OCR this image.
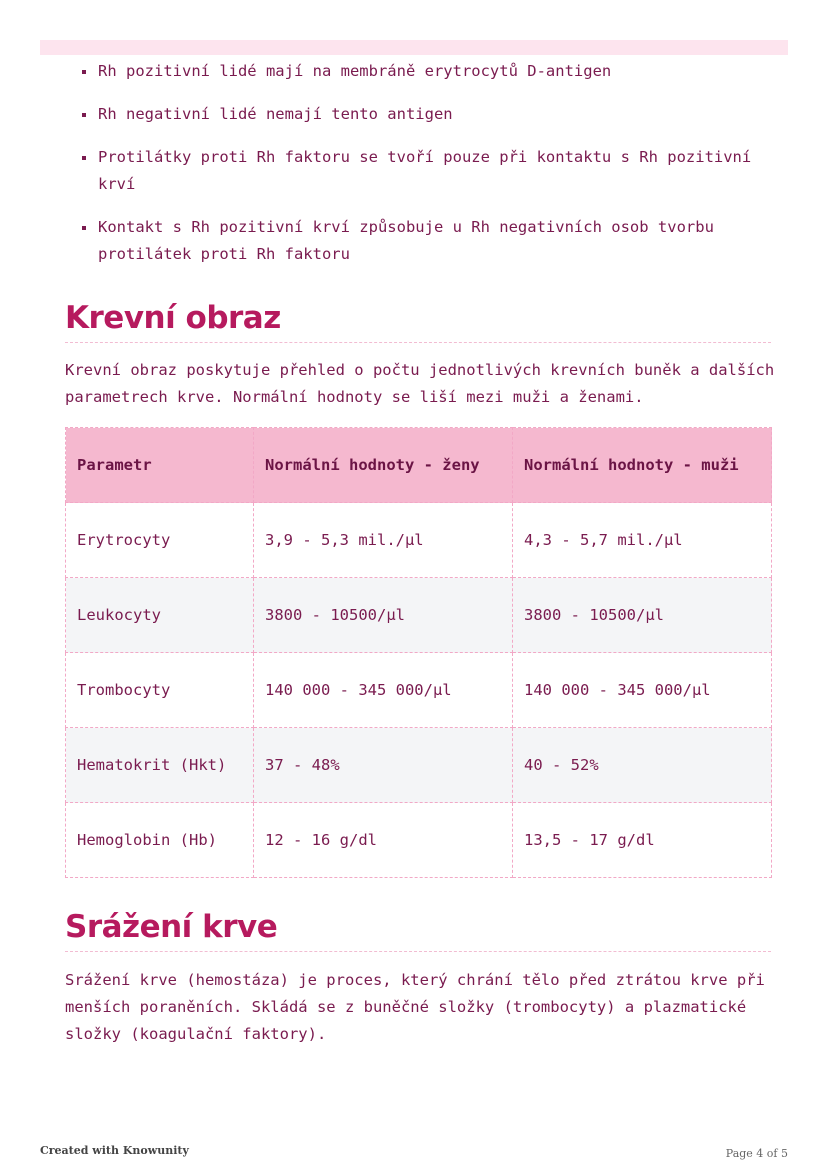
Rh pozitivní lidé mají na membráně erytrocytů D-antigen
Rh negativní lidé nemají tento antigen
Protilátky proti Rh faktoru se tvoří pouze při kontaktu s Rh pozitivní krví
Kontakt s Rh pozitivní krví způsobuje u Rh negativních osob tvorbu protilátek proti Rh faktoru
Krevní obraz

Krevní obraz poskytuje přehled o počtu jednotlivých krevních buněk a dalších parametrech krve. Normální hodnoty se liší mezi muži a ženami.

Parametr	Normální hodnoty - ženy	Normální hodnoty - muži
Erytrocyty	3,9 - 5,3 mil./µl	4,3 - 5,7 mil./µl
Leukocyty	3800 - 10500/µl	3800 - 10500/µl
Trombocyty	140 000 - 345 000/µl	140 000 - 345 000/µl
Hematokrit (Hkt)	37 - 48%	40 - 52%
Hemoglobin (Hb)	12 - 16 g/dl	13,5 - 17 g/dl
Srážení krve

Srážení krve (hemostáza) je proces, který chrání tělo před ztrátou krve při menších poraněních. Skládá se z buněčné složky (trombocyty) a plazmatické složky (koagulační faktory).

Created with Knowunity	Page 4 of 5
